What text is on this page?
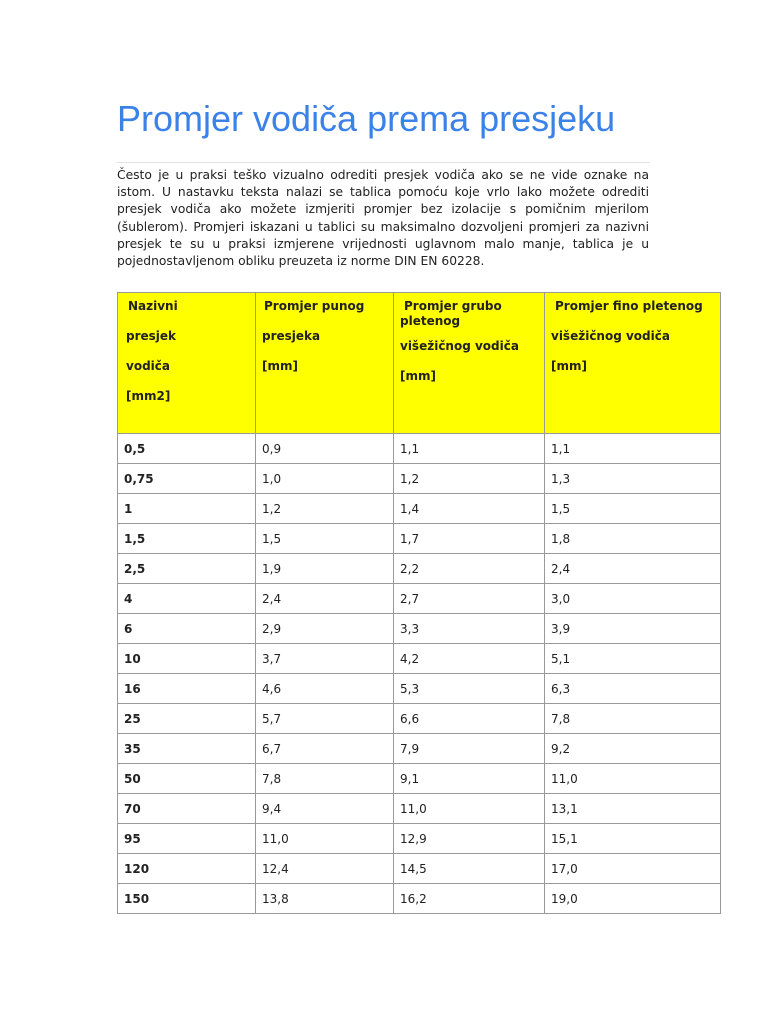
Promjer vodiča prema presjeku

Često je u praksi teško vizualno odrediti presjek vodiča ako se ne vide oznake na istom. U nastavku teksta nalazi se tablica pomoću koje vrlo lako možete odrediti presjek vodiča ako možete izmjeriti promjer bez izolacije s pomičnim mjerilom (šublerom). Promjeri iskazani u tablici su maksimalno dozvoljeni promjeri za nazivni presjek te su u praksi izmjerene vrijednosti uglavnom malo manje, tablica je u pojednostavljenom obliku preuzeta iz norme DIN EN 60228.

Nazivni
presjek
vodiča
[mm2]	Promjer punog
presjeka
[mm]	Promjer grubo
pletenog
višežičnog vodiča
[mm]	Promjer fino pletenog
višežičnog vodiča
[mm]

0,5	0,9	1,1	1,1
0,75	1,0	1,2	1,3
1	1,2	1,4	1,5
1,5	1,5	1,7	1,8
2,5	1,9	2,2	2,4
4	2,4	2,7	3,0
6	2,9	3,3	3,9
10	3,7	4,2	5,1
16	4,6	5,3	6,3
25	5,7	6,6	7,8
35	6,7	7,9	9,2
50	7,8	9,1	11,0
70	9,4	11,0	13,1
95	11,0	12,9	15,1
120	12,4	14,5	17,0
150	13,8	16,2	19,0
